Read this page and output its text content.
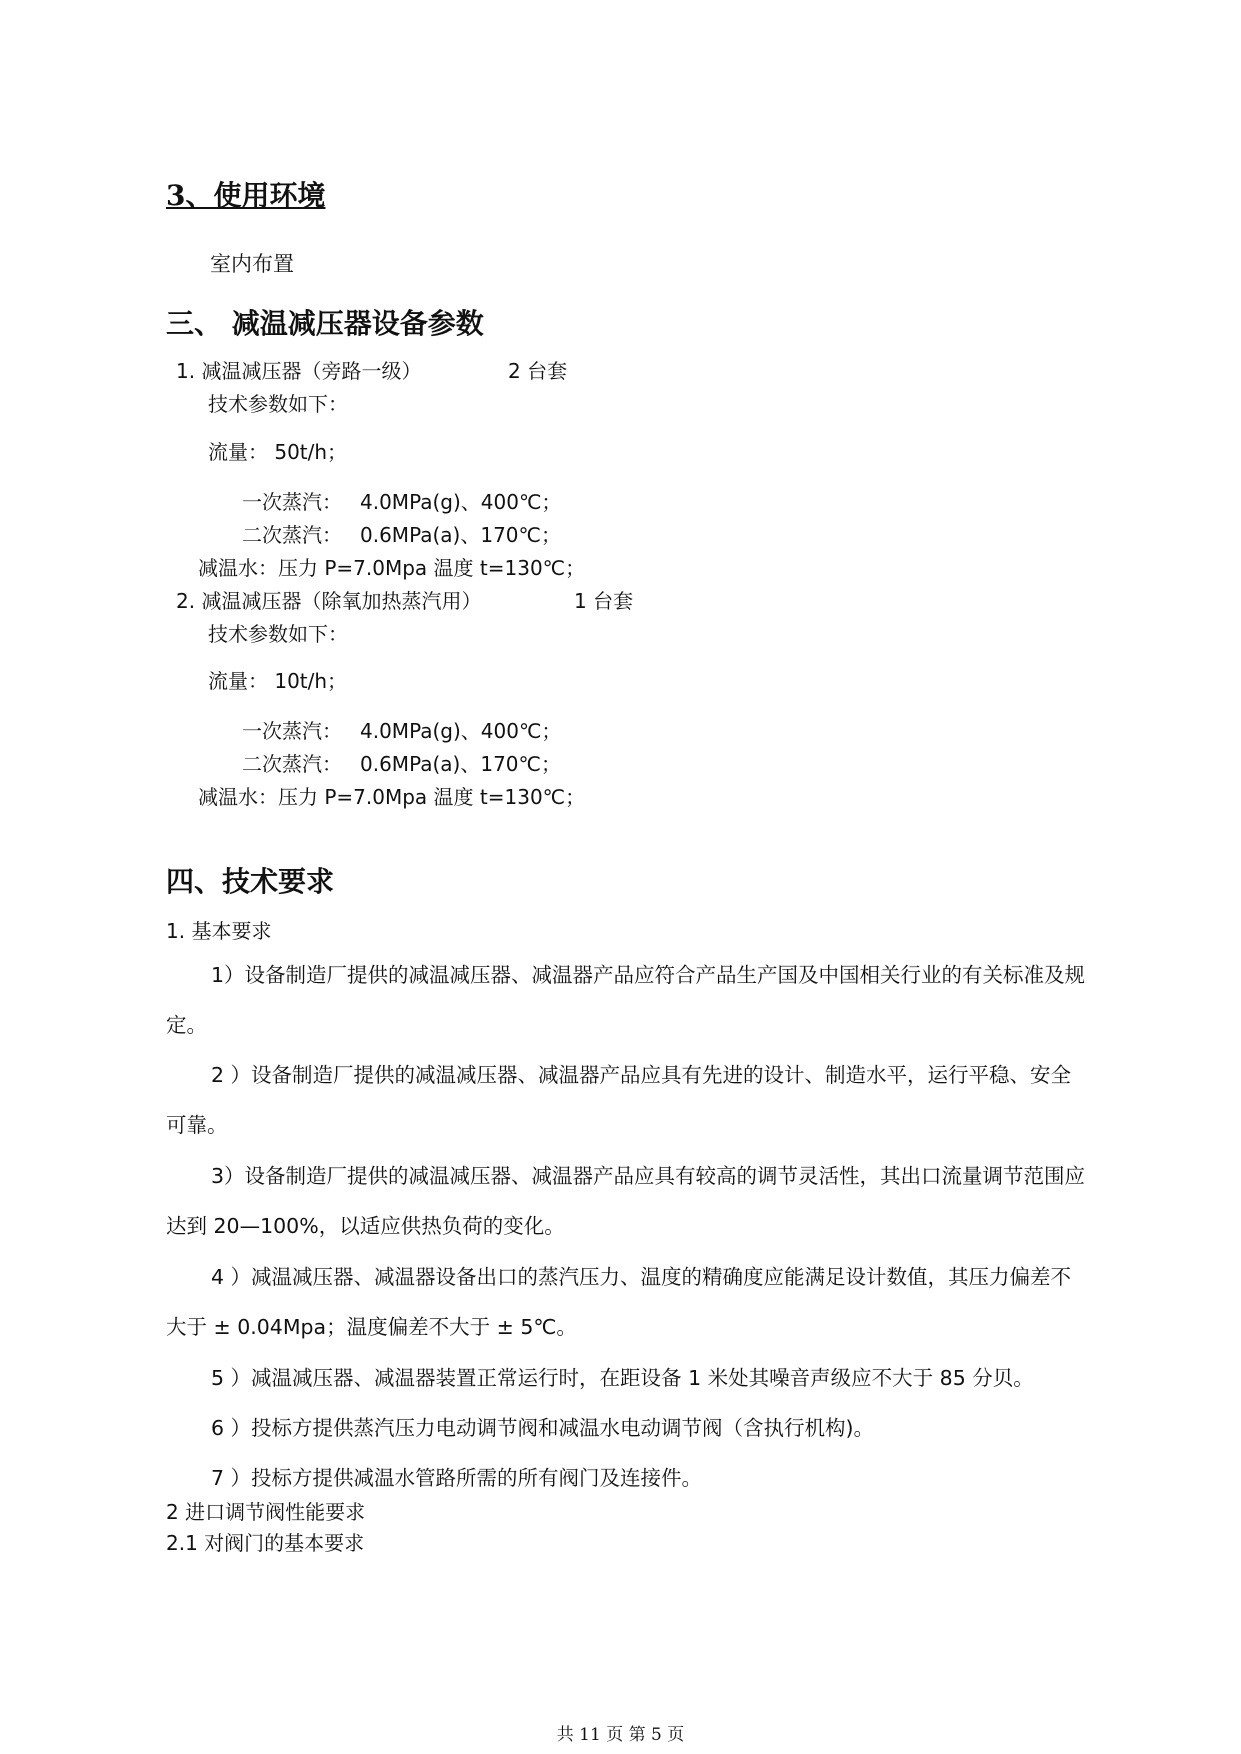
3、使用环境
室内布置
三、 减温减压器设备参数
1. 减温减压器（旁路一级）	2 台套
技术参数如下：
流量： 50t/h；
一次蒸汽： 4.0MPa(g)、400℃；
二次蒸汽： 0.6MPa(a)、170℃；
减温水：压力 P=7.0Mpa 温度 t=130℃；
2. 减温减压器（除氧加热蒸汽用）	1 台套
技术参数如下：
流量： 10t/h；
一次蒸汽： 4.0MPa(g)、400℃；
二次蒸汽： 0.6MPa(a)、170℃；
减温水：压力 P=7.0Mpa 温度 t=130℃；
四、技术要求
1. 基本要求
1）设备制造厂提供的减温减压器、减温器产品应符合产品生产国及中国相关行业的有关标准及规定。
2 ）设备制造厂提供的减温减压器、减温器产品应具有先进的设计、制造水平，运行平稳、安全可靠。
3）设备制造厂提供的减温减压器、减温器产品应具有较高的调节灵活性，其出口流量调节范围应达到 20—100%，以适应供热负荷的变化。
4 ）减温减压器、减温器设备出口的蒸汽压力、温度的精确度应能满足设计数值，其压力偏差不大于 ± 0.04Mpa；温度偏差不大于 ± 5℃。
5 ）减温减压器、减温器装置正常运行时，在距设备 1 米处其噪音声级应不大于 85 分贝。
6 ）投标方提供蒸汽压力电动调节阀和减温水电动调节阀（含执行机构)。
7 ）投标方提供减温水管路所需的所有阀门及连接件。
2 进口调节阀性能要求
2.1 对阀门的基本要求
共 11 页 第 5 页
